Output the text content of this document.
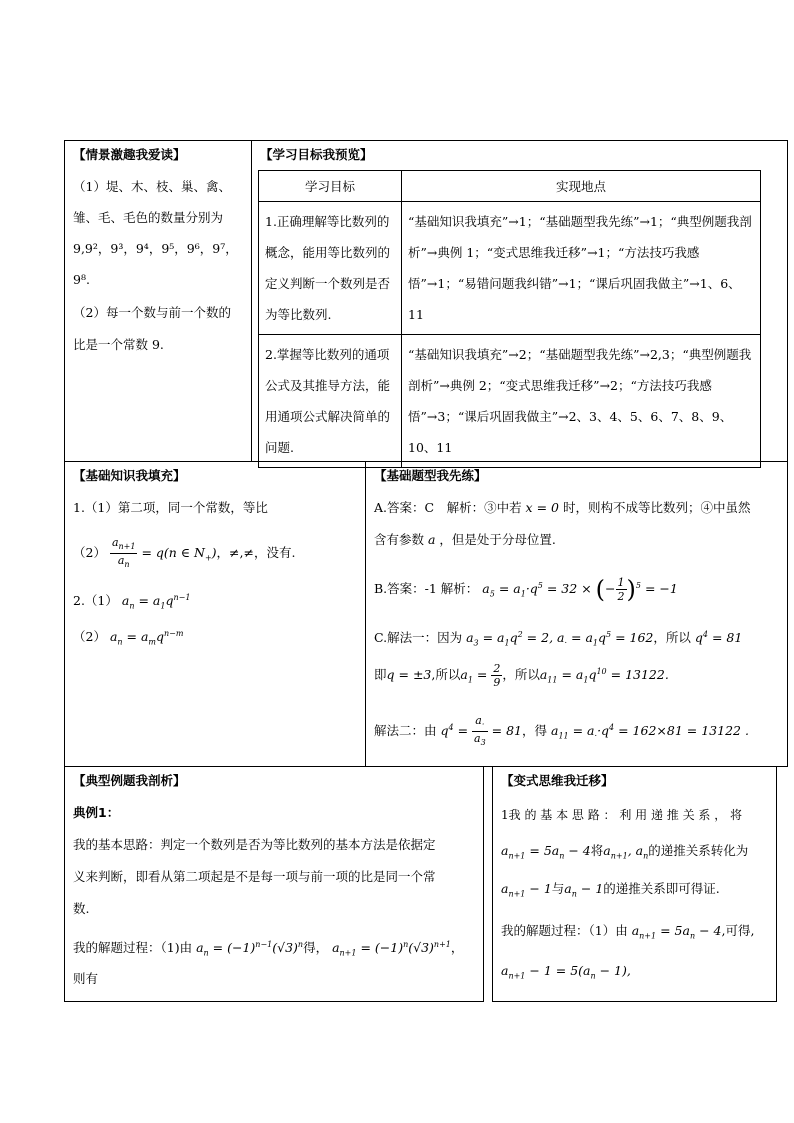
【情景激趣我爱读】
（1）堤、木、枝、巢、禽、
雏、毛、毛色的数量分别为
9,9²，9³，9⁴，9⁵，9⁶，9⁷，
9⁸.
（2）每一个数与前一个数的
比是一个常数 9.
【学习目标我预览】
学习目标	实现地点
1.正确理解等比数列的概念，能用等比数列的定义判断一个数列是否为等比数列.	“基础知识我填充”→1；“基础题型我先练”→1；“典型例题我剖析”→典例 1；“变式思维我迁移”→1；“方法技巧我感悟”→1；“易错问题我纠错”→1；“课后巩固我做主”→1、6、11
2.掌握等比数列的通项公式及其推导方法，能用通项公式解决简单的问题.	“基础知识我填充”→2；“基础题型我先练”→2,3；“典型例题我剖析”→典例 2；“变式思维我迁移”→2；“方法技巧我感悟”→3；“课后巩固我做主”→2、3、4、5、6、7、8、9、10、11
【基础知识我填充】
1.（1）第二项，同一个常数，等比
$(2) \frac{a_{n+1}}{a_n} = q(n$ ∈ $N_+$)，≠,≠，没有.
2.（1） $a_n = a_1q^{n-1}$
（2） $a_n = a_mq^{n-m}$
【基础题型我先练】
A.答案：C　解析：③中若 x = 0 时，则构不成等比数列；④中虽然
含有参数 a ，但是处于分母位置.
B.答案：-1 解析： $a_5 = a_1\cdot q^5 = 32$ × (− $\frac{1}{2} )^5 = -1$
C.解法一：因为 $a_3 = a_1q^2 = 2$, $a_\cdot = a_1q^5 = 162$，所以 $q^4 = 81$
即q = ±3,所以$a_1 = \frac{2}{9}$ ，所以$a_{11} = a_1q^{10} = 13122$.
解法二：由 $q^4 = \frac{a_\cdot}{a_3} = 81$，得 $a_{11} = a_\cdot\cdot q^4 = 162\times 81 = 13122$ .
【典型例题我剖析】
典例1：
我的基本思路：判定一个数列是否为等比数列的基本方法是依据定
义来判断，即看从第二项起是不是每一项与前一项的比是同一个常
数.
我的解题过程：（1)由 $a_n = (-1)^{n-1}(√3)^n$得， $a_{n+1} = (-1)^n(√3)^{n+1}$，
则有
【变式思维我迁移】
1我 的 基 本 思 路 ： 利 用 递 推 关 系 ， 将
$a_{n+1} = 5a_n - 4$将$a_{n+1}$, $a_n$的递推关系转化为
$a_{n+1} - 1$与$a_n - 1$的递推关系即可得证.
我的解题过程：（1）由 $a_{n+1} = 5a_n - 4$,可得,
$a_{n+1} - 1 = 5(a_n - 1)$,
